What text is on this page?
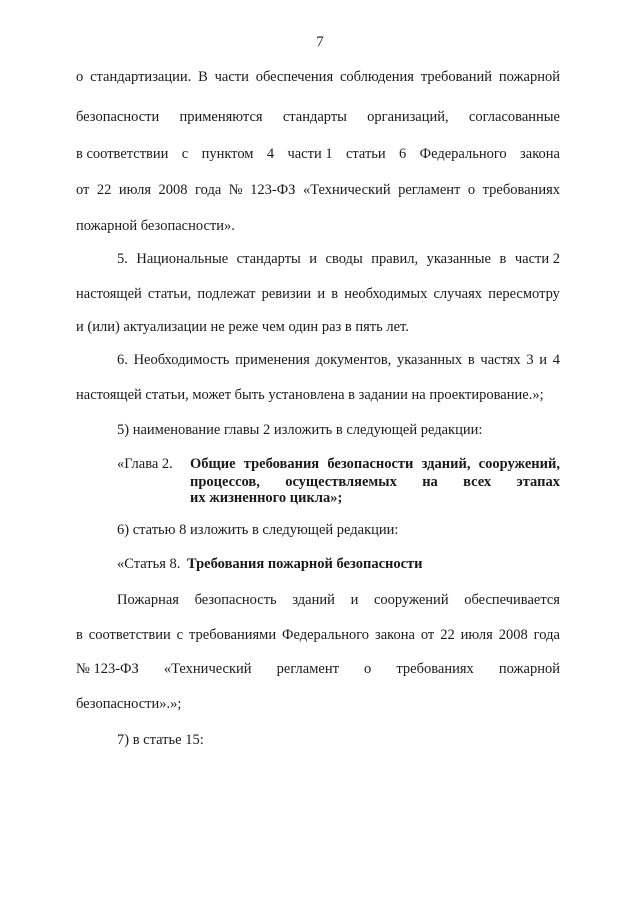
7
о стандартизации. В части обеспечения соблюдения требований пожарной
безопасности применяются стандарты организаций, согласованные
в соответствии с пунктом 4 части 1 статьи 6 Федерального закона
от 22 июля 2008 года № 123-ФЗ «Технический регламент о требованиях
пожарной безопасности».
5. Национальные стандарты и своды правил, указанные в части 2
настоящей статьи, подлежат ревизии и в необходимых случаях пересмотру
и (или) актуализации не реже чем один раз в пять лет.
6. Необходимость применения документов, указанных в частях 3 и 4
настоящей статьи, может быть установлена в задании на проектирование.»;
5) наименование главы 2 изложить в следующей редакции:
«Глава 2. Общие требования безопасности зданий, сооружений,
процессов, осуществляемых на всех этапах
их жизненного цикла»;
6) статью 8 изложить в следующей редакции:
«Статья 8. Требования пожарной безопасности
Пожарная безопасность зданий и сооружений обеспечивается
в соответствии с требованиями Федерального закона от 22 июля 2008 года
№ 123-ФЗ «Технический регламент о требованиях пожарной
безопасности».»;
7) в статье 15:
